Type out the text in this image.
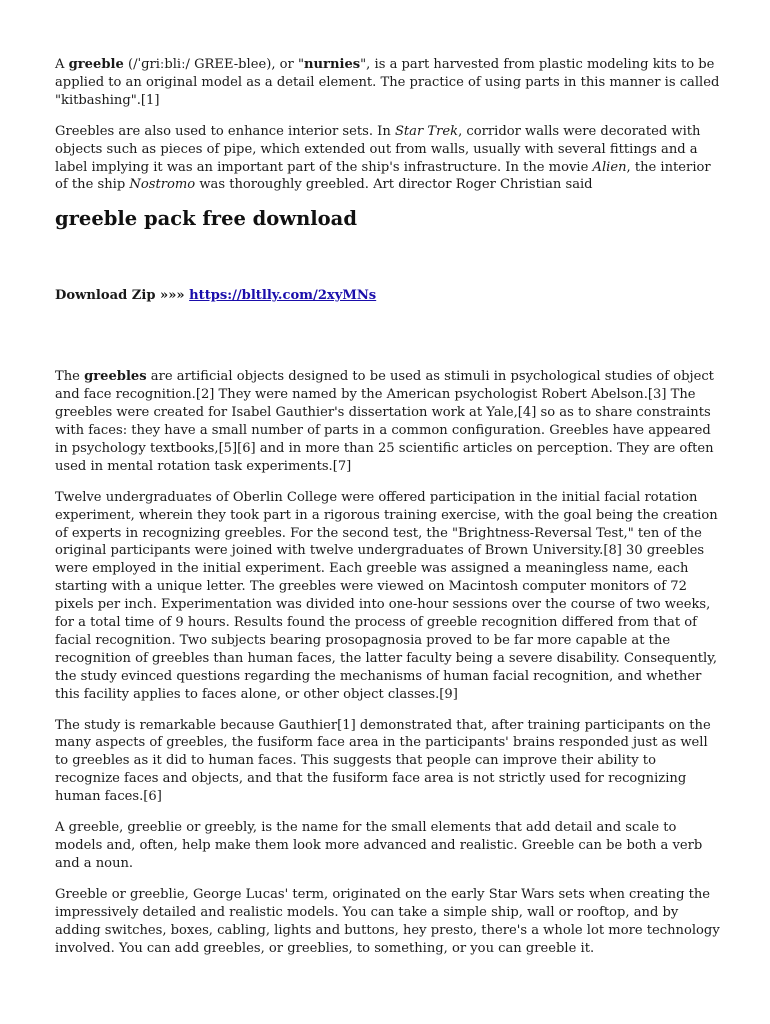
A greeble (/ˈɡriːbliː/ GREE-blee), or "nurnies", is a part harvested from plastic modeling kits to be applied to an original model as a detail element. The practice of using parts in this manner is called "kitbashing".[1]

Greebles are also used to enhance interior sets. In Star Trek, corridor walls were decorated with objects such as pieces of pipe, which extended out from walls, usually with several fittings and a label implying it was an important part of the ship's infrastructure. In the movie Alien, the interior of the ship Nostromo was thoroughly greebled. Art director Roger Christian said

greeble pack free download
Download Zip »»» https://bltlly.com/2xyMNs

The greebles are artificial objects designed to be used as stimuli in psychological studies of object and face recognition.[2] They were named by the American psychologist Robert Abelson.[3] The greebles were created for Isabel Gauthier's dissertation work at Yale,[4] so as to share constraints with faces: they have a small number of parts in a common configuration. Greebles have appeared in psychology textbooks,[5][6] and in more than 25 scientific articles on perception. They are often used in mental rotation task experiments.[7]

Twelve undergraduates of Oberlin College were offered participation in the initial facial rotation experiment, wherein they took part in a rigorous training exercise, with the goal being the creation of experts in recognizing greebles. For the second test, the "Brightness-Reversal Test," ten of the original participants were joined with twelve undergraduates of Brown University.[8] 30 greebles were employed in the initial experiment. Each greeble was assigned a meaningless name, each starting with a unique letter. The greebles were viewed on Macintosh computer monitors of 72 pixels per inch. Experimentation was divided into one-hour sessions over the course of two weeks, for a total time of 9 hours. Results found the process of greeble recognition differed from that of facial recognition. Two subjects bearing prosopagnosia proved to be far more capable at the recognition of greebles than human faces, the latter faculty being a severe disability. Consequently, the study evinced questions regarding the mechanisms of human facial recognition, and whether this facility applies to faces alone, or other object classes.[9]

The study is remarkable because Gauthier[1] demonstrated that, after training participants on the many aspects of greebles, the fusiform face area in the participants' brains responded just as well to greebles as it did to human faces. This suggests that people can improve their ability to recognize faces and objects, and that the fusiform face area is not strictly used for recognizing human faces.[6]

A greeble, greeblie or greebly, is the name for the small elements that add detail and scale to models and, often, help make them look more advanced and realistic. Greeble can be both a verb and a noun.

Greeble or greeblie, George Lucas' term, originated on the early Star Wars sets when creating the impressively detailed and realistic models. You can take a simple ship, wall or rooftop, and by adding switches, boxes, cabling, lights and buttons, hey presto, there's a whole lot more technology involved. You can add greebles, or greeblies, to something, or you can greeble it.
